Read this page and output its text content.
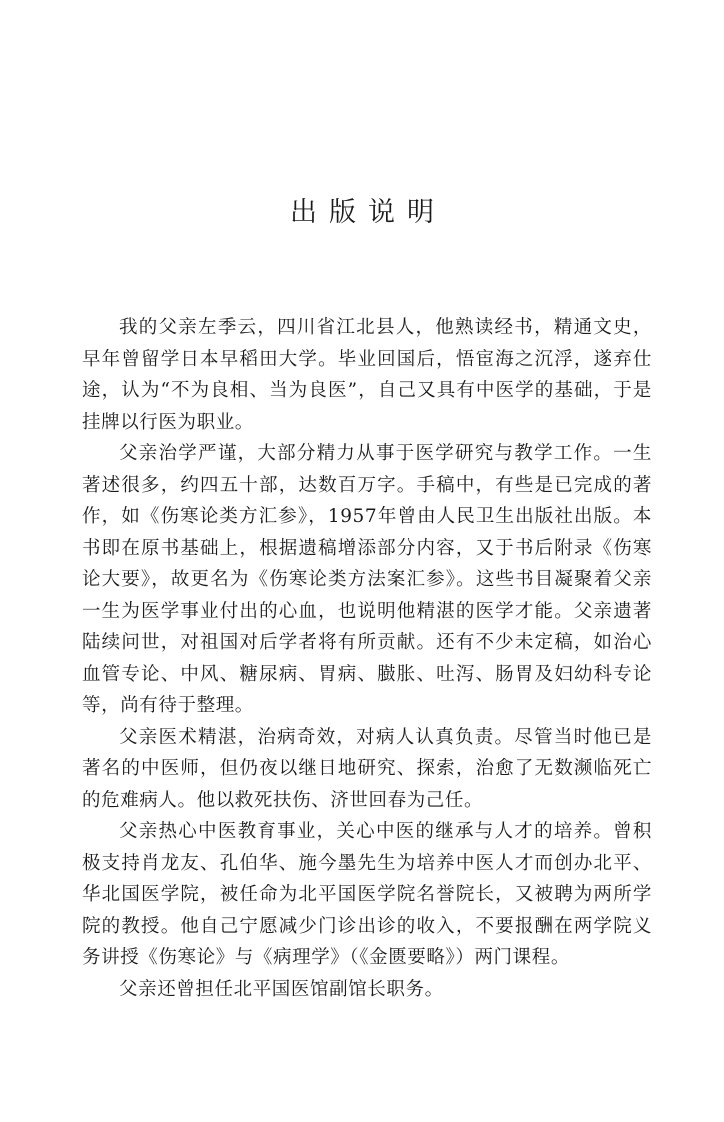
出版说明

我的父亲左季云，四川省江北县人，他熟读经书，精通文史，早年曾留学日本早稻田大学。毕业回国后，悟宦海之沉浮，遂弃仕途，认为“不为良相、当为良医”，自己又具有中医学的基础，于是挂牌以行医为职业。

父亲治学严谨，大部分精力从事于医学研究与教学工作。一生著述很多，约四五十部，达数百万字。手稿中，有些是已完成的著作，如《伤寒论类方汇参》，1957年曾由人民卫生出版社出版。本书即在原书基础上，根据遗稿增添部分内容，又于书后附录《伤寒论大要》，故更名为《伤寒论类方法案汇参》。这些书目凝聚着父亲一生为医学事业付出的心血，也说明他精湛的医学才能。父亲遗著陆续问世，对祖国对后学者将有所贡献。还有不少未定稿，如治心血管专论、中风、糖尿病、胃病、臌胀、吐泻、肠胃及妇幼科专论等，尚有待于整理。

父亲医术精湛，治病奇效，对病人认真负责。尽管当时他已是著名的中医师，但仍夜以继日地研究、探索，治愈了无数濒临死亡的危难病人。他以救死扶伤、济世回春为己任。

父亲热心中医教育事业，关心中医的继承与人才的培养。曾积极支持肖龙友、孔伯华、施今墨先生为培养中医人才而创办北平、华北国医学院，被任命为北平国医学院名誉院长，又被聘为两所学院的教授。他自己宁愿减少门诊出诊的收入，不要报酬在两学院义务讲授《伤寒论》与《病理学》（《金匮要略》）两门课程。

父亲还曾担任北平国医馆副馆长职务。
